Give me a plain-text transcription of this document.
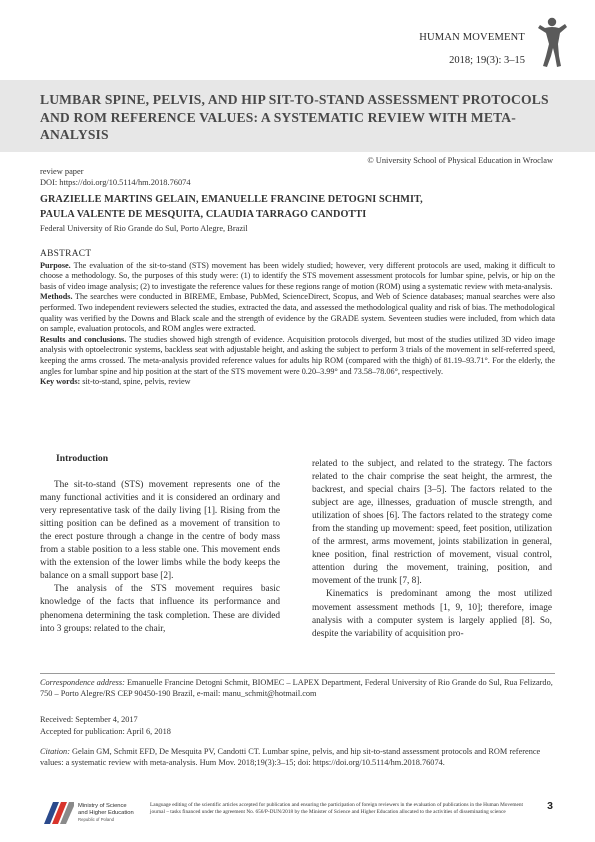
HUMAN MOVEMENT
2018; 19(3): 3–15
LUMBAR SPINE, PELVIS, AND HIP SIT-TO-STAND ASSESSMENT PROTOCOLS AND ROM REFERENCE VALUES: A SYSTEMATIC REVIEW WITH META-ANALYSIS
© University School of Physical Education in Wroclaw
review paper
DOI: https://doi.org/10.5114/hm.2018.76074
GRAZIELLE MARTINS GELAIN, EMANUELLE FRANCINE DETOGNI SCHMIT,
PAULA VALENTE DE MESQUITA, CLAUDIA TARRAGO CANDOTTI
Federal University of Rio Grande do Sul, Porto Alegre, Brazil
ABSTRACT
Purpose. The evaluation of the sit-to-stand (STS) movement has been widely studied; however, very different protocols are used, making it difficult to choose a methodology. So, the purposes of this study were: (1) to identify the STS movement assessment protocols for lumbar spine, pelvis, or hip on the basis of video image analysis; (2) to investigate the reference values for these regions range of motion (ROM) using a systematic review with meta-analysis.
Methods. The searches were conducted in BIREME, Embase, PubMed, ScienceDirect, Scopus, and Web of Science databases; manual searches were also performed. Two independent reviewers selected the studies, extracted the data, and assessed the methodological quality and risk of bias. The methodological quality was verified by the Downs and Black scale and the strength of evidence by the GRADE system. Seventeen studies were included, from which data on sample, evaluation protocols, and ROM angles were extracted.
Results and conclusions. The studies showed high strength of evidence. Acquisition protocols diverged, but most of the studies utilized 3D video image analysis with optoelectronic systems, backless seat with adjustable height, and asking the subject to perform 3 trials of the movement in self-referred speed, keeping the arms crossed. The meta-analysis provided reference values for adults hip ROM (compared with the thigh) of 81.19–93.71°. For the elderly, the angles for lumbar spine and hip position at the start of the STS movement were 0.20–3.99° and 73.58–78.06°, respectively.
Key words: sit-to-stand, spine, pelvis, review
Introduction

The sit-to-stand (STS) movement represents one of the many functional activities and it is considered an ordinary and very representative task of the daily living [1]. Rising from the sitting position can be defined as a movement of transition to the erect posture through a change in the centre of body mass from a stable position to a less stable one. This movement ends with the extension of the lower limbs while the body keeps the balance on a small support base [2].

The analysis of the STS movement requires basic knowledge of the facts that influence its performance and phenomena determining the task completion. These are divided into 3 groups: related to the chair,

related to the subject, and related to the strategy. The factors related to the chair comprise the seat height, the armrest, the backrest, and special chairs [3–5]. The factors related to the subject are age, illnesses, graduation of muscle strength, and utilization of shoes [6]. The factors related to the strategy come from the standing up movement: speed, feet position, utilization of the armrest, arms movement, joints stabilization in general, knee position, final restriction of movement, visual control, attention during the movement, training, position, and movement of the trunk [7, 8].

Kinematics is predominant among the most utilized movement assessment methods [1, 9, 10]; therefore, image analysis with a computer system is largely applied [8]. So, despite the variability of acquisition pro-

Correspondence address: Emanuelle Francine Detogni Schmit, BIOMEC – LAPEX Department, Federal University of Rio Grande do Sul, Rua Felizardo, 750 – Porto Alegre/RS CEP 90450-190 Brazil, e-mail: manu_schmit@hotmail.com
Received: September 4, 2017
Accepted for publication: April 6, 2018
Citation: Gelain GM, Schmit EFD, De Mesquita PV, Candotti CT. Lumbar spine, pelvis, and hip sit-to-stand assessment protocols and ROM reference values: a systematic review with meta-analysis. Hum Mov. 2018;19(3):3–15; doi: https://doi.org/10.5114/hm.2018.76074.
Ministry of Science
and Higher Education
Republic of Poland
Language editing of the scientific articles accepted for publication and ensuring the participation of foreign reviewers in the evaluation of publications in the Human Movement journal – tasks financed under the agreement No. 656/P-DUN/2018 by the Minister of Science and Higher Education allocated to the activities of disseminating science
3
